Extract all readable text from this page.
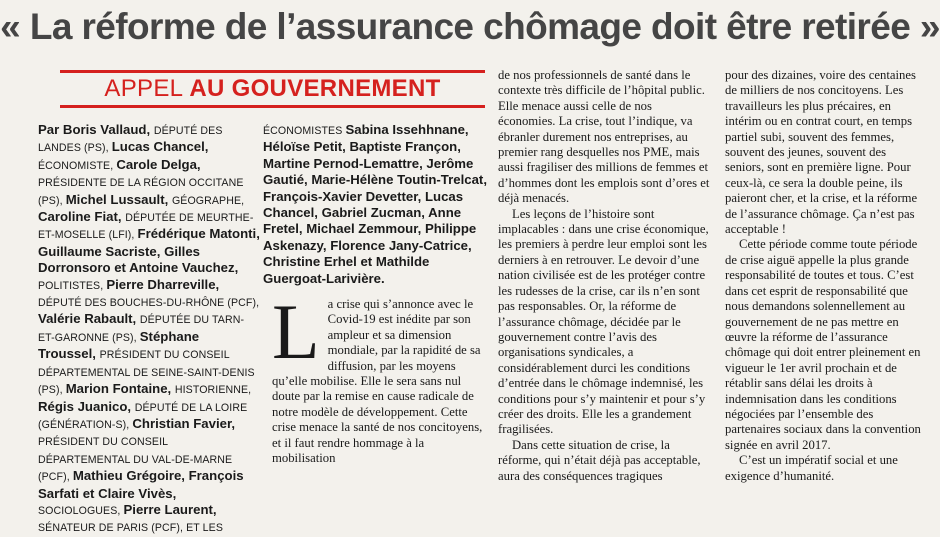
« La réforme de l’assurance chômage doit être retirée »
APPEL AU GOUVERNEMENT
Par Boris Vallaud, DÉPUTÉ DES LANDES (PS), Lucas Chancel, ÉCONOMISTE, Carole Delga, PRÉSIDENTE DE LA RÉGION OCCITANE (PS), Michel Lussault, GÉOGRAPHE, Caroline Fiat, DÉPUTÉE DE MEURTHE-ET-MOSELLE (LFI), Frédérique Matonti, Guillaume Sacriste, Gilles Dorronsoro et Antoine Vauchez, POLITISTES, Pierre Dharreville, DÉPUTÉ DES BOUCHES-DU-RHÔNE (PCF), Valérie Rabault, DÉPUTÉE DU TARN-ET-GARONNE (PS), Stéphane Troussel, PRÉSIDENT DU CONSEIL DÉPARTEMENTAL DE SEINE-SAINT-DENIS (PS), Marion Fontaine, HISTORIENNE, Régis Juanico, DÉPUTÉ DE LA LOIRE (GÉNÉRATION-S), Christian Favier, PRÉSIDENT DU CONSEIL DÉPARTEMENTAL DU VAL-DE-MARNE (PCF), Mathieu Grégoire, François Sarfati et Claire Vivès, SOCIOLOGUES, Pierre Laurent, SÉNATEUR DE PARIS (PCF), ET LES
ÉCONOMISTES Sabina Issehhnane, Héloïse Petit, Baptiste Françon, Martine Pernod-Lemattre, Jerôme Gautié, Marie-Hélène Toutin-Trelcat, François-Xavier Devetter, Lucas Chancel, Gabriel Zucman, Anne Fretel, Michael Zemmour, Philippe Askenazy, Florence Jany-Catrice, Christine Erhel et Mathilde Guergoat-Larivière.

La crise qui s’annonce avec le Covid-19 est inédite par son ampleur et sa dimension mondiale, par la rapidité de sa diffusion, par les moyens qu’elle mobilise. Elle le sera sans nul doute par la remise en cause radicale de notre modèle de développement. Cette crise menace la santé de nos concitoyens, et il faut rendre hommage à la mobilisation

de nos professionnels de santé dans le contexte très difficile de l’hôpital public. Elle menace aussi celle de nos économies. La crise, tout l’indique, va ébranler durement nos entreprises, au premier rang desquelles nos PME, mais aussi fragiliser des millions de femmes et d’hommes dont les emplois sont d’ores et déjà menacés.

Les leçons de l’histoire sont implacables : dans une crise économique, les premiers à perdre leur emploi sont les derniers à en retrouver. Le devoir d’une nation civilisée est de les protéger contre les rudesses de la crise, car ils n’en sont pas responsables. Or, la réforme de l’assurance chômage, décidée par le gouvernement contre l’avis des organisations syndicales, a considérablement durci les conditions d’entrée dans le chômage indemnisé, les conditions pour s’y maintenir et pour s’y créer des droits. Elle les a grandement fragilisées.

Dans cette situation de crise, la réforme, qui n’était déjà pas acceptable, aura des conséquences tragiques

pour des dizaines, voire des centaines de milliers de nos concitoyens. Les travailleurs les plus précaires, en intérim ou en contrat court, en temps partiel subi, souvent des femmes, souvent des jeunes, souvent des seniors, sont en première ligne. Pour ceux-là, ce sera la double peine, ils paieront cher, et la crise, et la réforme de l’assurance chômage. Ça n’est pas acceptable !

Cette période comme toute période de crise aiguë appelle la plus grande responsabilité de toutes et tous. C’est dans cet esprit de responsabilité que nous demandons solennellement au gouvernement de ne pas mettre en œuvre la réforme de l’assurance chômage qui doit entrer pleinement en vigueur le 1er avril prochain et de rétablir sans délai les droits à indemnisation dans les conditions négociées par l’ensemble des partenaires sociaux dans la convention signée en avril 2017.

C’est un impératif social et une exigence d’humanité.
